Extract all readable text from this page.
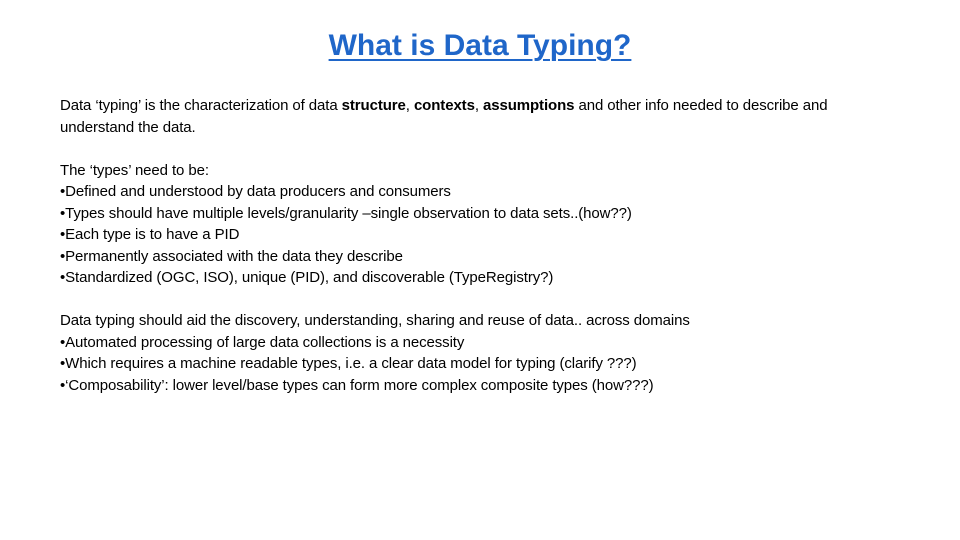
What is Data Typing?

Data ‘typing’ is the characterization of data structure, contexts, assumptions and other info needed to describe and understand the data.

The ‘types’ need to be:

•Defined and understood by data producers and consumers

•Types should have multiple levels/granularity –single observation to data sets..(how??)

•Each type is to have a PID

•Permanently associated with the data they describe

•Standardized (OGC, ISO), unique (PID), and discoverable (TypeRegistry?)

Data typing should aid the discovery, understanding, sharing and reuse of data.. across domains

•Automated processing of large data collections is a necessity

•Which requires a machine readable types, i.e. a clear data model for typing (clarify ???)

•‘Composability’: lower level/base types can form more complex composite types (how???)
